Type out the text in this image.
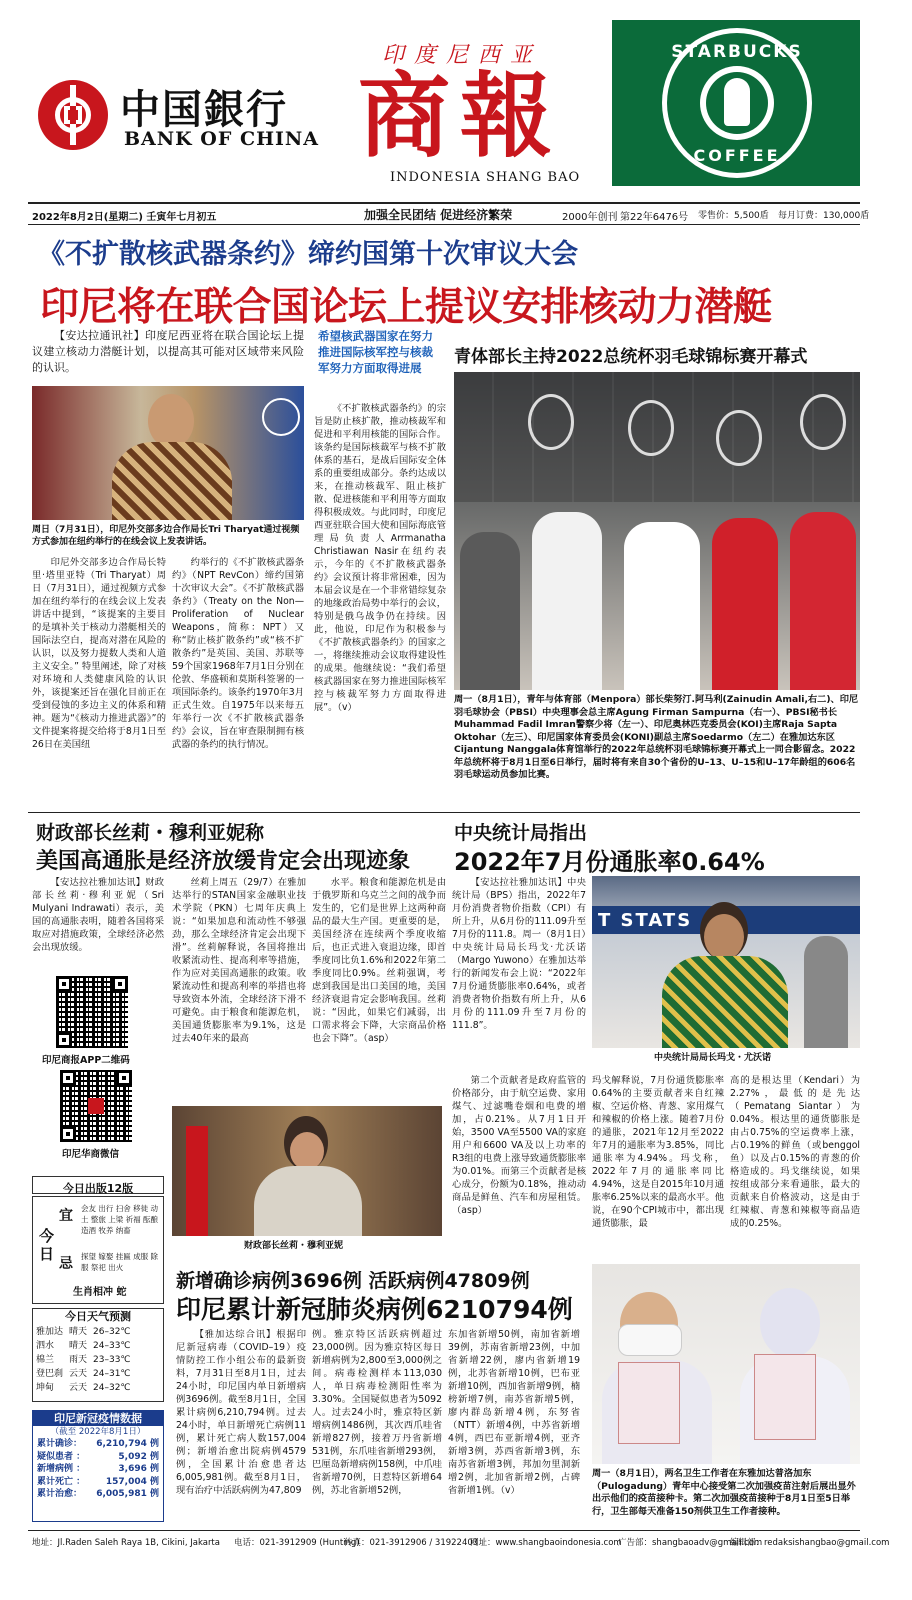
中国銀行
BANK OF CHINA
印度尼西亚
商報
INDONESIA SHANG BAO
STARBUCKS
COFFEE
2022年8月2日(星期二) 壬寅年七月初五	加强全民团结 促进经济繁荣	2000年创刊 第22年6476号 零售价：5,500盾 每月订费：130,000盾
《不扩散核武器条约》缔约国第十次审议大会
印尼将在联合国论坛上提议安排核动力潜艇

【安达拉通讯社】印度尼西亚将在联合国论坛上提议建立核动力潜艇计划，以提高其可能对区域带来风险的认识。

周日（7月31日），印尼外交部多边合作局长Tri Tharyat通过视频方式参加在纽约举行的在线会议上发表讲话。
希望核武器国家在努力推进国际核军控与核裁军努力方面取得进展

印尼外交部多边合作局长特里·塔里亚特（Tri Tharyat）周日（7月31日），通过视频方式参加在纽约举行的在线会议上发表讲话中提到，“该提案的主要目的是填补关于核动力潜艇相关的国际法空白，提高对潜在风险的认识，以及努力提数人类和人道主义安全。” 特里阐述，除了对核对环境和人类健康风险的认识外，该提案还旨在强化目前正在受到侵蚀的多边主义的体系和精神。题为“《核动力推进武器》”的文件提案将提交给将于8月1日至26日在美国纽

约举行的《不扩散核武器条约》（NPT RevCon）缔约国第十次审议大会”。《不扩散核武器条约》（Treaty on the Non—Proliferation of Nuclear Weapons，简称：NPT）又称“防止核扩散条约”或“核不扩散条约”是英国、美国、苏联等59个国家1968年7月1日分别在伦敦、华盛顿和莫斯科签署的一项国际条约。该条约1970年3月正式生效。自1975年以来每五年举行一次《不扩散核武器条约》会议，旨在审查限制拥有核武器的条约的执行情况。

《不扩散核武器条约》的宗旨是防止核扩散，推动核裁军和促进和平利用核能的国际合作。该条约是国际核裁军与核不扩散体系的基石，是战后国际安全体系的重要组成部分。条约达成以来，在推动核裁军、阻止核扩散、促进核能和平利用等方面取得积极成效。与此同时，印度尼西亚驻联合国大使和国际海底管理局负责人Arrmanatha Christiawan Nasir在纽约表示，今年的《不扩散核武器条约》会议预计将非常困难，因为本届会议是在一个非常错综复杂的地缘政治局势中举行的会议，特别是俄乌战争仍在持续。因此，他说，印尼作为积极参与《不扩散核武器条约》的国家之一，将继续推动会议取得建设性的成果。他继续说：“我们希望核武器国家在努力推进国际核军控与核裁军努力方面取得进展”。（v）

青体部长主持2022总统杯羽毛球锦标赛开幕式
周一（8月1日），青年与体育部（Menpora）部长柴努汀.阿马利(Zainudin Amali,右二)、印尼羽毛球协会（PBSI）中央理事会总主席Agung Firman Sampurna（右一）、PBSI秘书长Muhammad Fadil Imran警察少将（左一）、印尼奥林匹克委员会(KOI)主席Raja Sapta Oktohar（左三）、印尼国家体育委员会(KONI)副总主席Soedarmo（左二）在雅加达东区Cijantung Nanggala体育馆举行的2022年总统杯羽毛球锦标赛开幕式上一同合影留念。2022年总统杯将于8月1日至6日举行，届时将有来自30个省份的U–13、U–15和U–17年龄组的606名羽毛球运动员参加比赛。
财政部长丝莉・穆利亚妮称
美国高通胀是经济放缓肯定会出现迹象

【安达拉社雅加达讯】财政部长丝莉·穆利亚妮（Sri Mulyani Indrawati）表示，美国的高通胀表明，随着各国将采取应对措施政策，全球经济必然会出现放缓。

丝莉上周五（29/7）在雅加达举行的STAN国家金融职业技术学院（PKN）七周年庆典上说：“如果加息和流动性不够强劲，那么全球经济肯定会出现下滑”。丝莉解释说，各国将推出收紧流动性、提高利率等措施，作为应对美国高通胀的政策。收紧流动性和提高利率的举措也将导致资本外流，全球经济下滑不可避免。由于粮食和能源危机，美国通货膨胀率为9.1%，这是过去40年来的最高

水平。粮食和能源危机是由于俄罗斯和乌克兰之间的战争而发生的，它们是世界上这两种商品的最大生产国。更重要的是，美国经济在连续两个季度收缩后，也正式进入衰退边缘，即首季度同比负1.6%和2022年第二季度同比0.9%。丝莉强调，考虑到我国是出口美国的地，美国经济衰退肯定会影响我国。丝莉说：“因此，如果它们减弱，出口需求将会下降，大宗商品价格也会下降”。（asp）

财政部长丝莉・穆利亚妮
印尼商报APP二维码
印尼华商微信
今日出版12版
今日
宜 会友 出行 扫舍 移徙 动土 整旅 上梁 祈福 酝酿 造酒 牧养 纳畜
忌 探望 嫁娶 挂匾 成服 除服 祭祀 出火
生肖相冲 蛇
今日天气预测
雅加达	晴天	26–32℃
泗水	晴天	24–33℃
棉兰	雨天	23–33℃
登巴刹	云天	24–31℃
坤甸	云天	24–32℃
印尼新冠疫情数据
（截至 2022年8月1日）
累计确诊： 6,210,794 例
疑似患者 ：	5,092 例
新增病例 ：	3,696 例
累计死亡 ： 157,004 例
累计治愈： 6,005,981 例
中央统计局指出
2022年7月份通胀率0.64%

【安达拉社雅加达讯】中央统计局（BPS）指出，2022年7月份消费者物价指数（CPI）有所上升，从6月份的111.09升至7月份的111.8。周一（8月1日）中央统计局局长玛戈·尤沃诺（Margo Yuwono）在雅加达举行的新闻发布会上说：“2022年7月份通货膨胀率0.64%，或者消费者物价指数有所上升，从6月份的111.09升至7月份的111.8”。

T STATS
中央统计局局长玛戈・尤沃诺

玛戈解释说，7月份通货膨胀率0.64%的主要贡献者来自红辣椒、空运价格、青葱、家用煤气和辣椒的价格上涨。随着7月份的通胀，2021年12月至2022年7月的通胀率为3.85%，同比通胀率为4.94%。玛戈称，2022年7月的通胀率同比4.94%，这是自2015年10月通胀率6.25%以来的最高水平。他说，在90个CPI城市中，都出现通货膨胀，最

高的是根达里（Kendari）为2.27%，最低的是先达（Pematang Siantar）为0.04%。根达里的通货膨胀是由占0.75%的空运费率上涨，占0.19%的鲜鱼（或benggol鱼）以及占0.15%的青葱的价格造成的。玛戈继续说，如果按组成部分来看通胀，最大的贡献来自价格波动，这是由于红辣椒、青葱和辣椒等商品造成的0.25%。

第二个贡献者是政府监管的价格部分，由于航空运费、家用煤气、过滤嘴卷烟和电费的增加，占0.21%。从7月1日开始，3500 VA至5500 VA的家庭用户和6600 VA及以上功率的R3组的电费上涨导致通货膨胀率为0.01%。而第三个贡献者是核心成分，份额为0.18%，推动动商品是鲜鱼、汽车和房屋租赁。（asp）

新增确诊病例3696例 活跃病例47809例
印尼累计新冠肺炎病例6210794例

【雅加达综合讯】根据印尼新冠病毒（COVID–19）疫情防控工作小组公布的最新资料，7月31日至8月1日，过去24小时，印尼国内单日新增病例3696例。截至8月1日，全国累计病例6,210,794例。过去24小时，单日新增死亡病例11例，累计死亡病人数157,004例；新增治愈出院病例4579例，全国累计治愈患者达6,005,981例。截至8月1日，现有治疗中活跃病例为47,809

例。雅京特区活跃病例超过23,000例。因为雅京特区每日新增病例为2,800至3,000例之间。病毒检测样本113,030人，单日病毒检测阳性率为3.30%。全国疑似患者为5092人。过去24小时，雅京特区新增病例1486例，其次西爪哇省新增827例，接着万丹省新增531例，东爪哇省新增293例，巴厘岛新增病例158例，中爪哇省新增70例，日惹特区新增64例，苏北省新增52例，

东加省新增50例，南加省新增39例，苏南省新增23例，中加省新增22例，廖内省新增19例，北苏省新增10例，巴布亚新增10例，西加省新增9例，楠榜新增7例，南苏省新增5例，廖内群岛新增4例，东努省（NTT）新增4例，中苏省新增4例，西巴布亚新增4例，亚齐新增3例，苏西省新增3例，东南苏省新增3例，邦加勿里洞新增2例，北加省新增2例，占碑省新增1例。（v）

周一（8月1日），两名卫生工作者在东雅加达普洛加东（Pulogadung）青年中心接受第二次加强疫苗注射后展出显外出示他们的疫苗接种卡。第二次加强疫苗接种于8月1日至5日举行，卫生部每天准备150剂供卫生工作者接种。
地址：Jl.Raden Saleh Raya 1B, Cikini, Jakarta 电话：021-3912909 (Hunting)
传真：021-3912906 / 31922403
网址：www.shangbaoindonesia.com
广告部：shangbaoadv@gmail.com
编辑部：redaksishangbao@gmail.com
